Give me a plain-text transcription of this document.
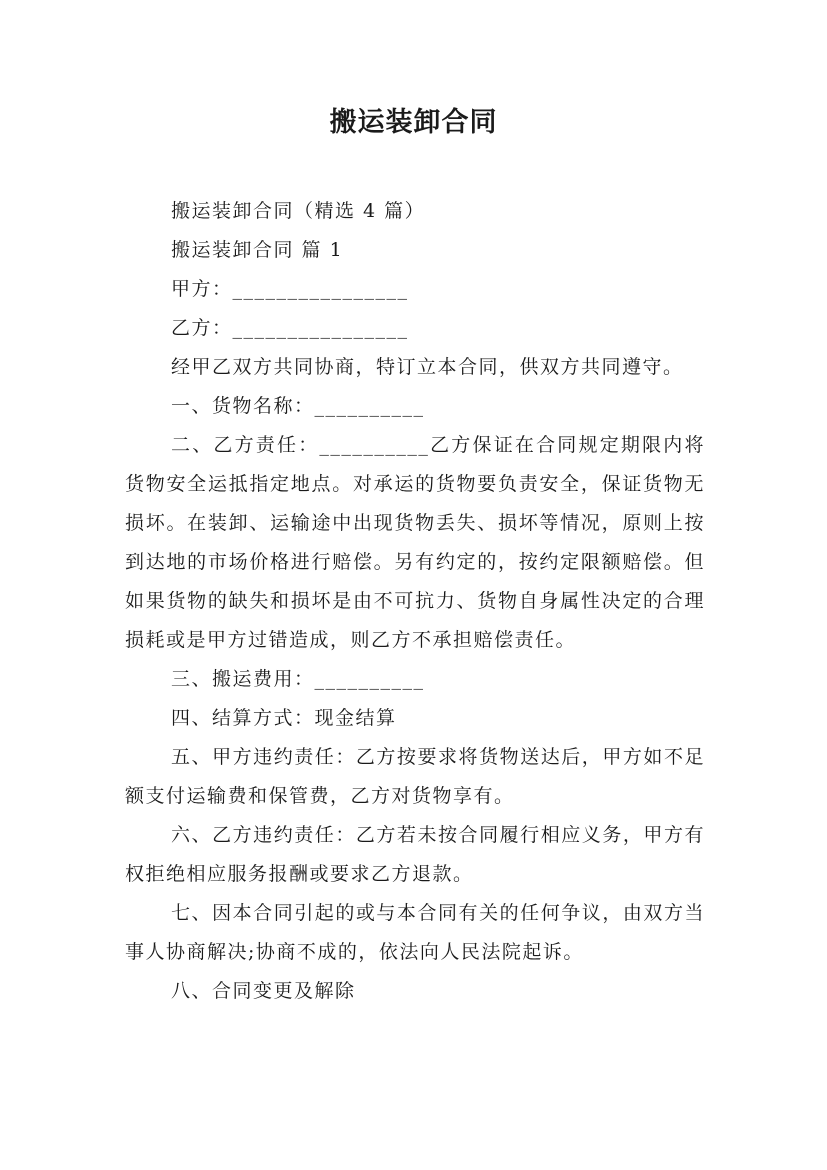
搬运装卸合同

搬运装卸合同（精选 4 篇）

搬运装卸合同 篇 1

甲方：________________

乙方：________________

经甲乙双方共同协商，特订立本合同，供双方共同遵守。

一、货物名称：__________

二、乙方责任：__________乙方保证在合同规定期限内将货物安全运抵指定地点。对承运的货物要负责安全，保证货物无损坏。在装卸、运输途中出现货物丢失、损坏等情况，原则上按到达地的市场价格进行赔偿。另有约定的，按约定限额赔偿。但如果货物的缺失和损坏是由不可抗力、货物自身属性决定的合理损耗或是甲方过错造成，则乙方不承担赔偿责任。

三、搬运费用：__________

四、结算方式：现金结算

五、甲方违约责任：乙方按要求将货物送达后，甲方如不足额支付运输费和保管费，乙方对货物享有。

六、乙方违约责任：乙方若未按合同履行相应义务，甲方有权拒绝相应服务报酬或要求乙方退款。

七、因本合同引起的或与本合同有关的任何争议，由双方当事人协商解决;协商不成的，依法向人民法院起诉。

八、合同变更及解除
